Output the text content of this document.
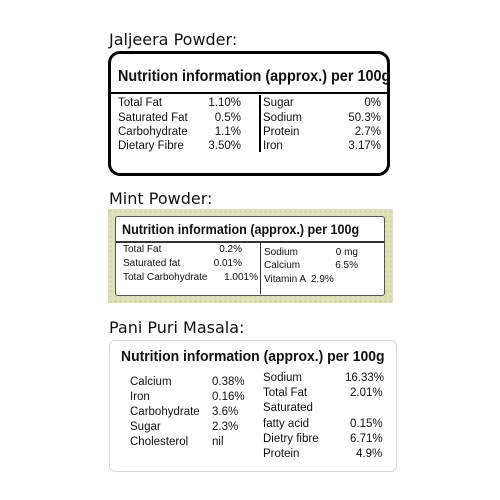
Jaljeera Powder:
Nutrition information (approx.) per 100g
Total Fat	1.10%
Saturated Fat 0.5%
Carbohydrate 1.1%
Dietary Fibre 3.50%
Sugar	0%
Sodium	50.3%
Protein	2.7%
Iron	3.17%
Mint Powder:
Nutrition information (approx.) per 100g
Total Fat	0.2%
Saturated fat	0.01%
Total Carbohydrate 1.001%
Sodium	0 mg
Calcium	6.5%
Vitamin A 2.9%
Pani Puri Masala:
Nutrition information (approx.) per 100g
Calcium	0.38%
Iron	0.16%
Carbohydrate 3.6%
Sugar	2.3%
Cholesterol nil
Sodium	16.33%
Total Fat	2.01%
Saturated
fatty acid	0.15%
Dietry fibre	6.71%
Protein	4.9%
